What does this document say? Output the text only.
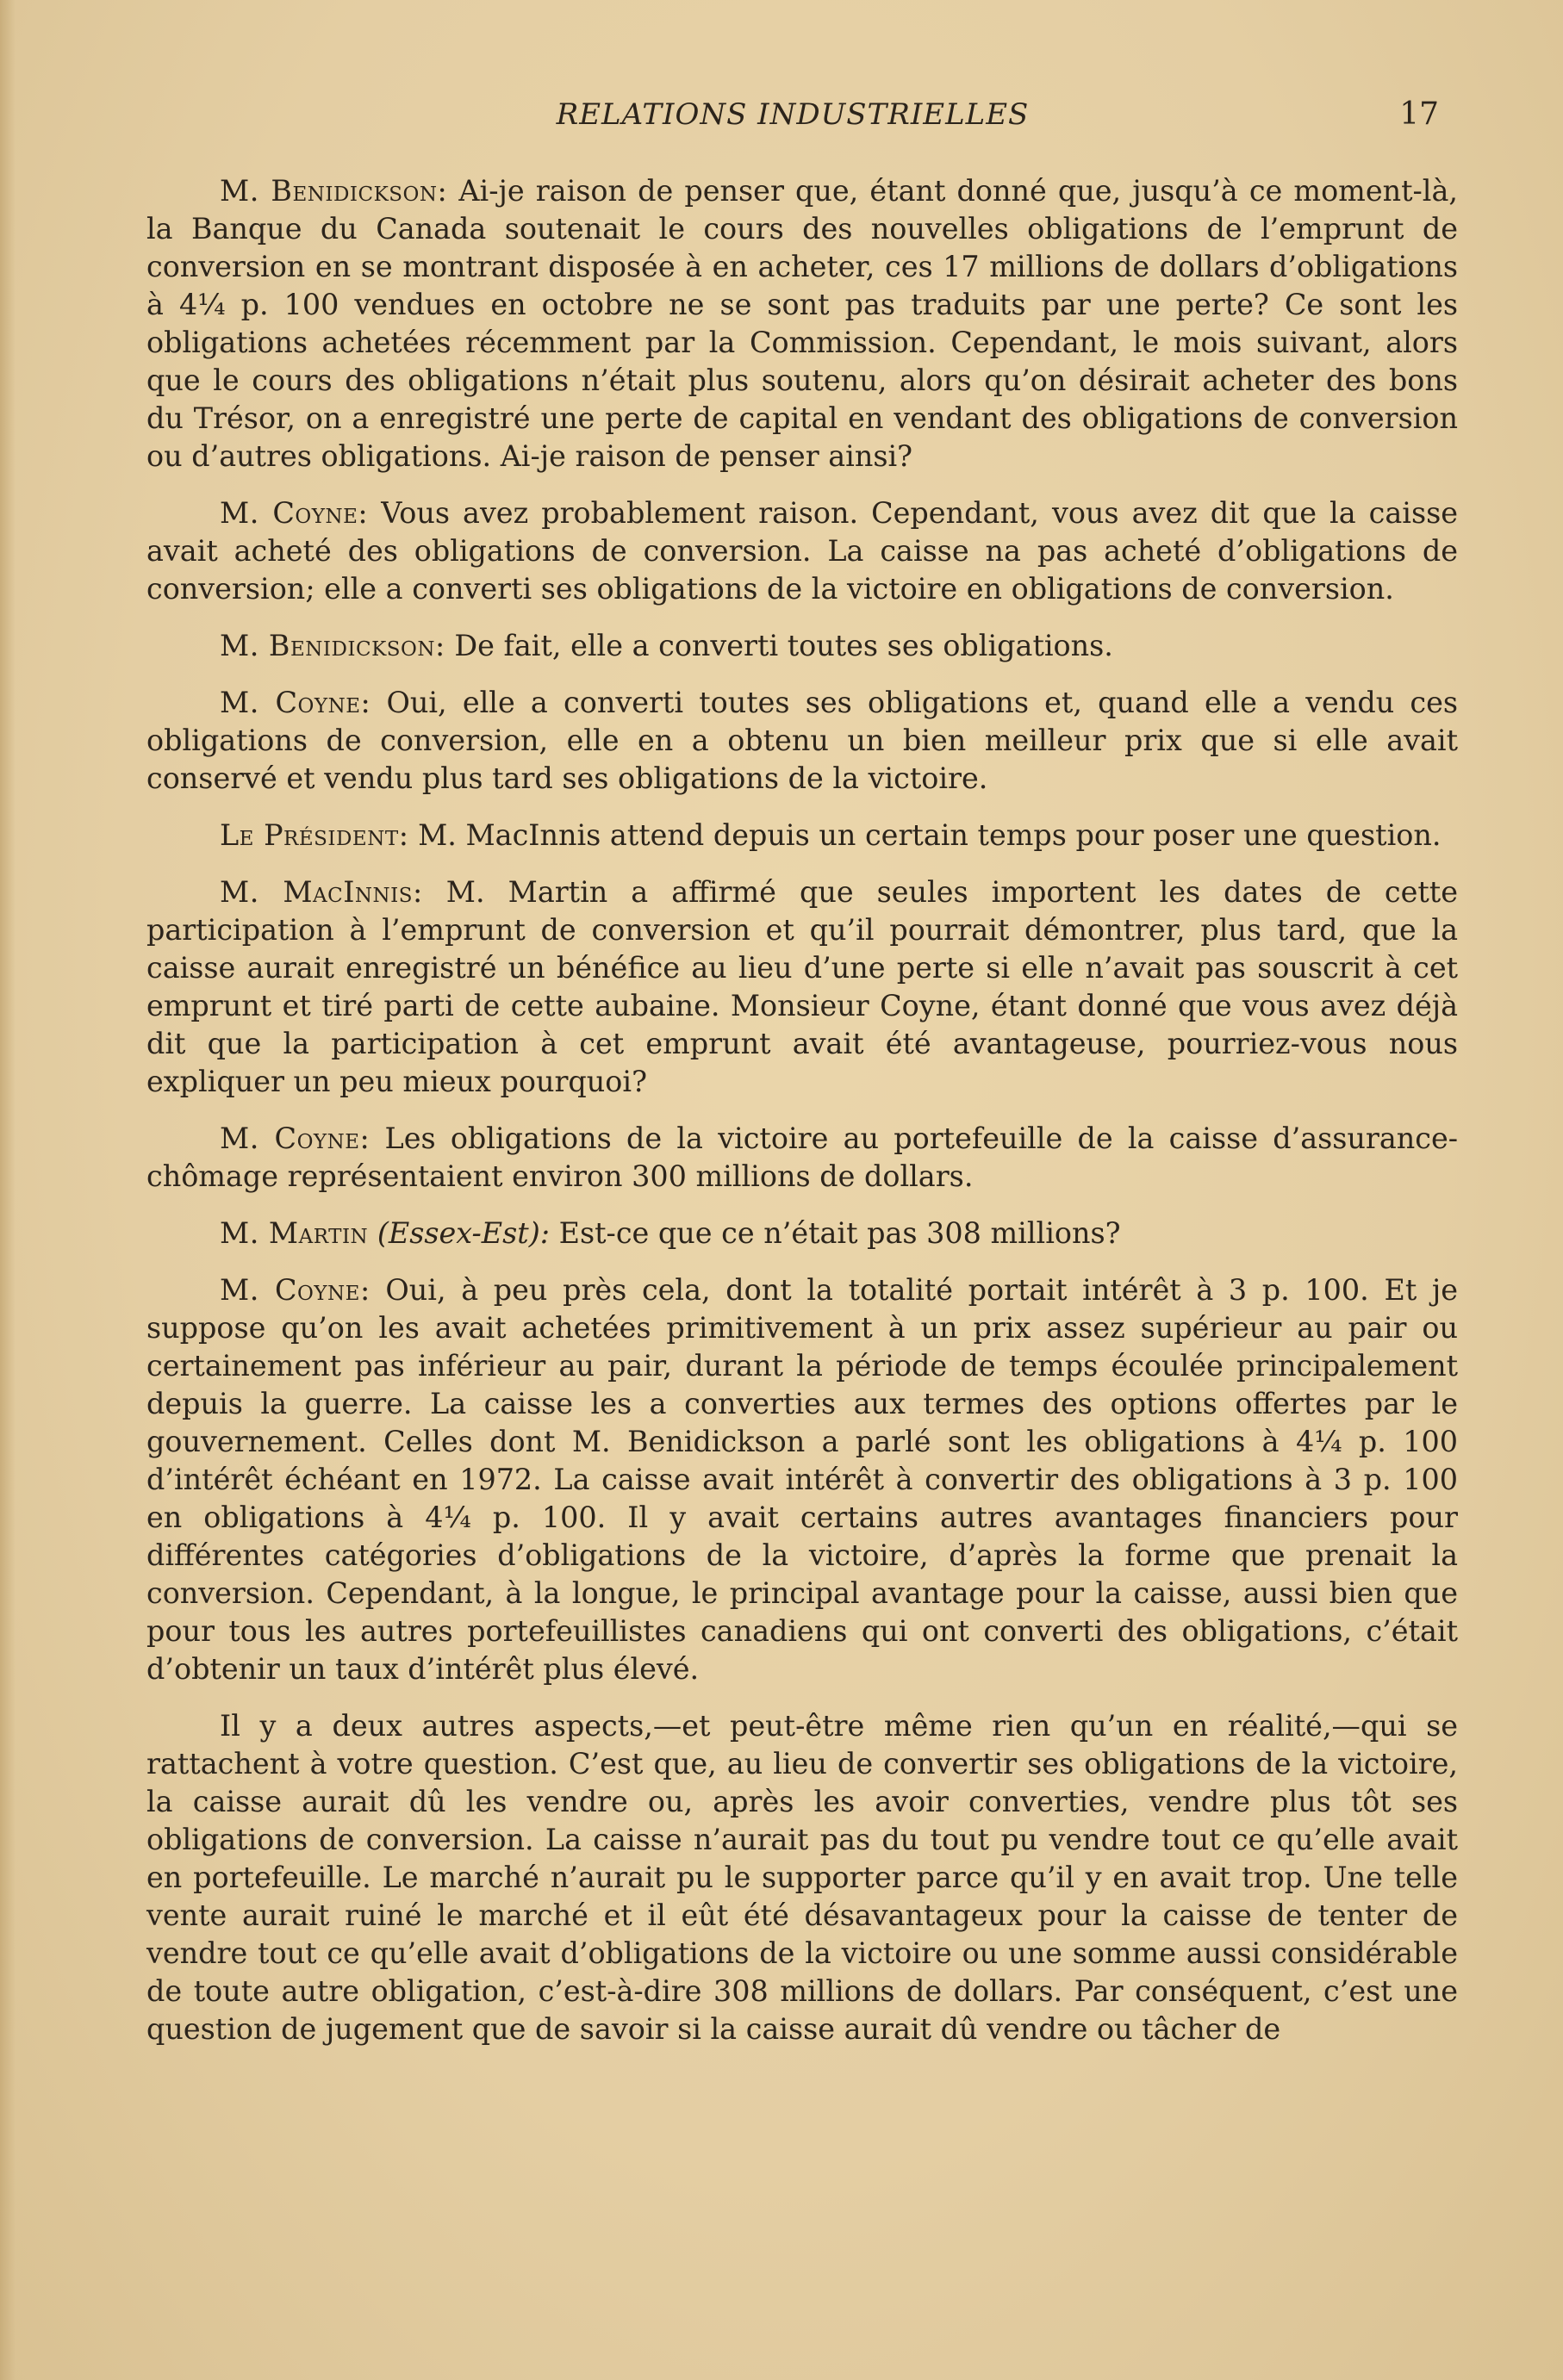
RELATIONS INDUSTRIELLES	17

M. Benidickson: Ai-je raison de penser que, étant donné que, jusqu’à ce moment-là, la Banque du Canada soutenait le cours des nouvelles obligations de l’emprunt de conversion en se montrant disposée à en acheter, ces 17 millions de dollars d’obligations à 4¼ p. 100 vendues en octobre ne se sont pas traduits par une perte? Ce sont les obligations achetées récemment par la Commission. Cependant, le mois suivant, alors que le cours des obligations n’était plus soutenu, alors qu’on désirait acheter des bons du Trésor, on a enregistré une perte de capital en vendant des obligations de conversion ou d’autres obligations. Ai-je raison de penser ainsi?

M. Coyne: Vous avez probablement raison. Cependant, vous avez dit que la caisse avait acheté des obligations de conversion. La caisse na pas acheté d’obligations de conversion; elle a converti ses obligations de la victoire en obligations de conversion.

M. Benidickson: De fait, elle a converti toutes ses obligations.

M. Coyne: Oui, elle a converti toutes ses obligations et, quand elle a vendu ces obligations de conversion, elle en a obtenu un bien meilleur prix que si elle avait conservé et vendu plus tard ses obligations de la victoire.

Le Président: M. MacInnis attend depuis un certain temps pour poser une question.

M. MacInnis: M. Martin a affirmé que seules importent les dates de cette participation à l’emprunt de conversion et qu’il pourrait démontrer, plus tard, que la caisse aurait enregistré un bénéfice au lieu d’une perte si elle n’avait pas souscrit à cet emprunt et tiré parti de cette aubaine. Monsieur Coyne, étant donné que vous avez déjà dit que la participation à cet emprunt avait été avantageuse, pourriez-vous nous expliquer un peu mieux pourquoi?

M. Coyne: Les obligations de la victoire au portefeuille de la caisse d’assurance-chômage représentaient environ 300 millions de dollars.

M. Martin (Essex-Est): Est-ce que ce n’était pas 308 millions?

M. Coyne: Oui, à peu près cela, dont la totalité portait intérêt à 3 p. 100. Et je suppose qu’on les avait achetées primitivement à un prix assez supérieur au pair ou certainement pas inférieur au pair, durant la période de temps écoulée principalement depuis la guerre. La caisse les a converties aux termes des options offertes par le gouvernement. Celles dont M. Benidickson a parlé sont les obligations à 4¼ p. 100 d’intérêt échéant en 1972. La caisse avait intérêt à convertir des obligations à 3 p. 100 en obligations à 4¼ p. 100. Il y avait certains autres avantages financiers pour différentes catégories d’obligations de la victoire, d’après la forme que prenait la conversion. Cependant, à la longue, le principal avantage pour la caisse, aussi bien que pour tous les autres portefeuillistes canadiens qui ont converti des obligations, c’était d’obtenir un taux d’intérêt plus élevé.

Il y a deux autres aspects,—et peut-être même rien qu’un en réalité,—qui se rattachent à votre question. C’est que, au lieu de convertir ses obligations de la victoire, la caisse aurait dû les vendre ou, après les avoir converties, vendre plus tôt ses obligations de conversion. La caisse n’aurait pas du tout pu vendre tout ce qu’elle avait en portefeuille. Le marché n’aurait pu le supporter parce qu’il y en avait trop. Une telle vente aurait ruiné le marché et il eût été désavantageux pour la caisse de tenter de vendre tout ce qu’elle avait d’obligations de la victoire ou une somme aussi considérable de toute autre obligation, c’est-à-dire 308 millions de dollars. Par conséquent, c’est une question de jugement que de savoir si la caisse aurait dû vendre ou tâcher de
